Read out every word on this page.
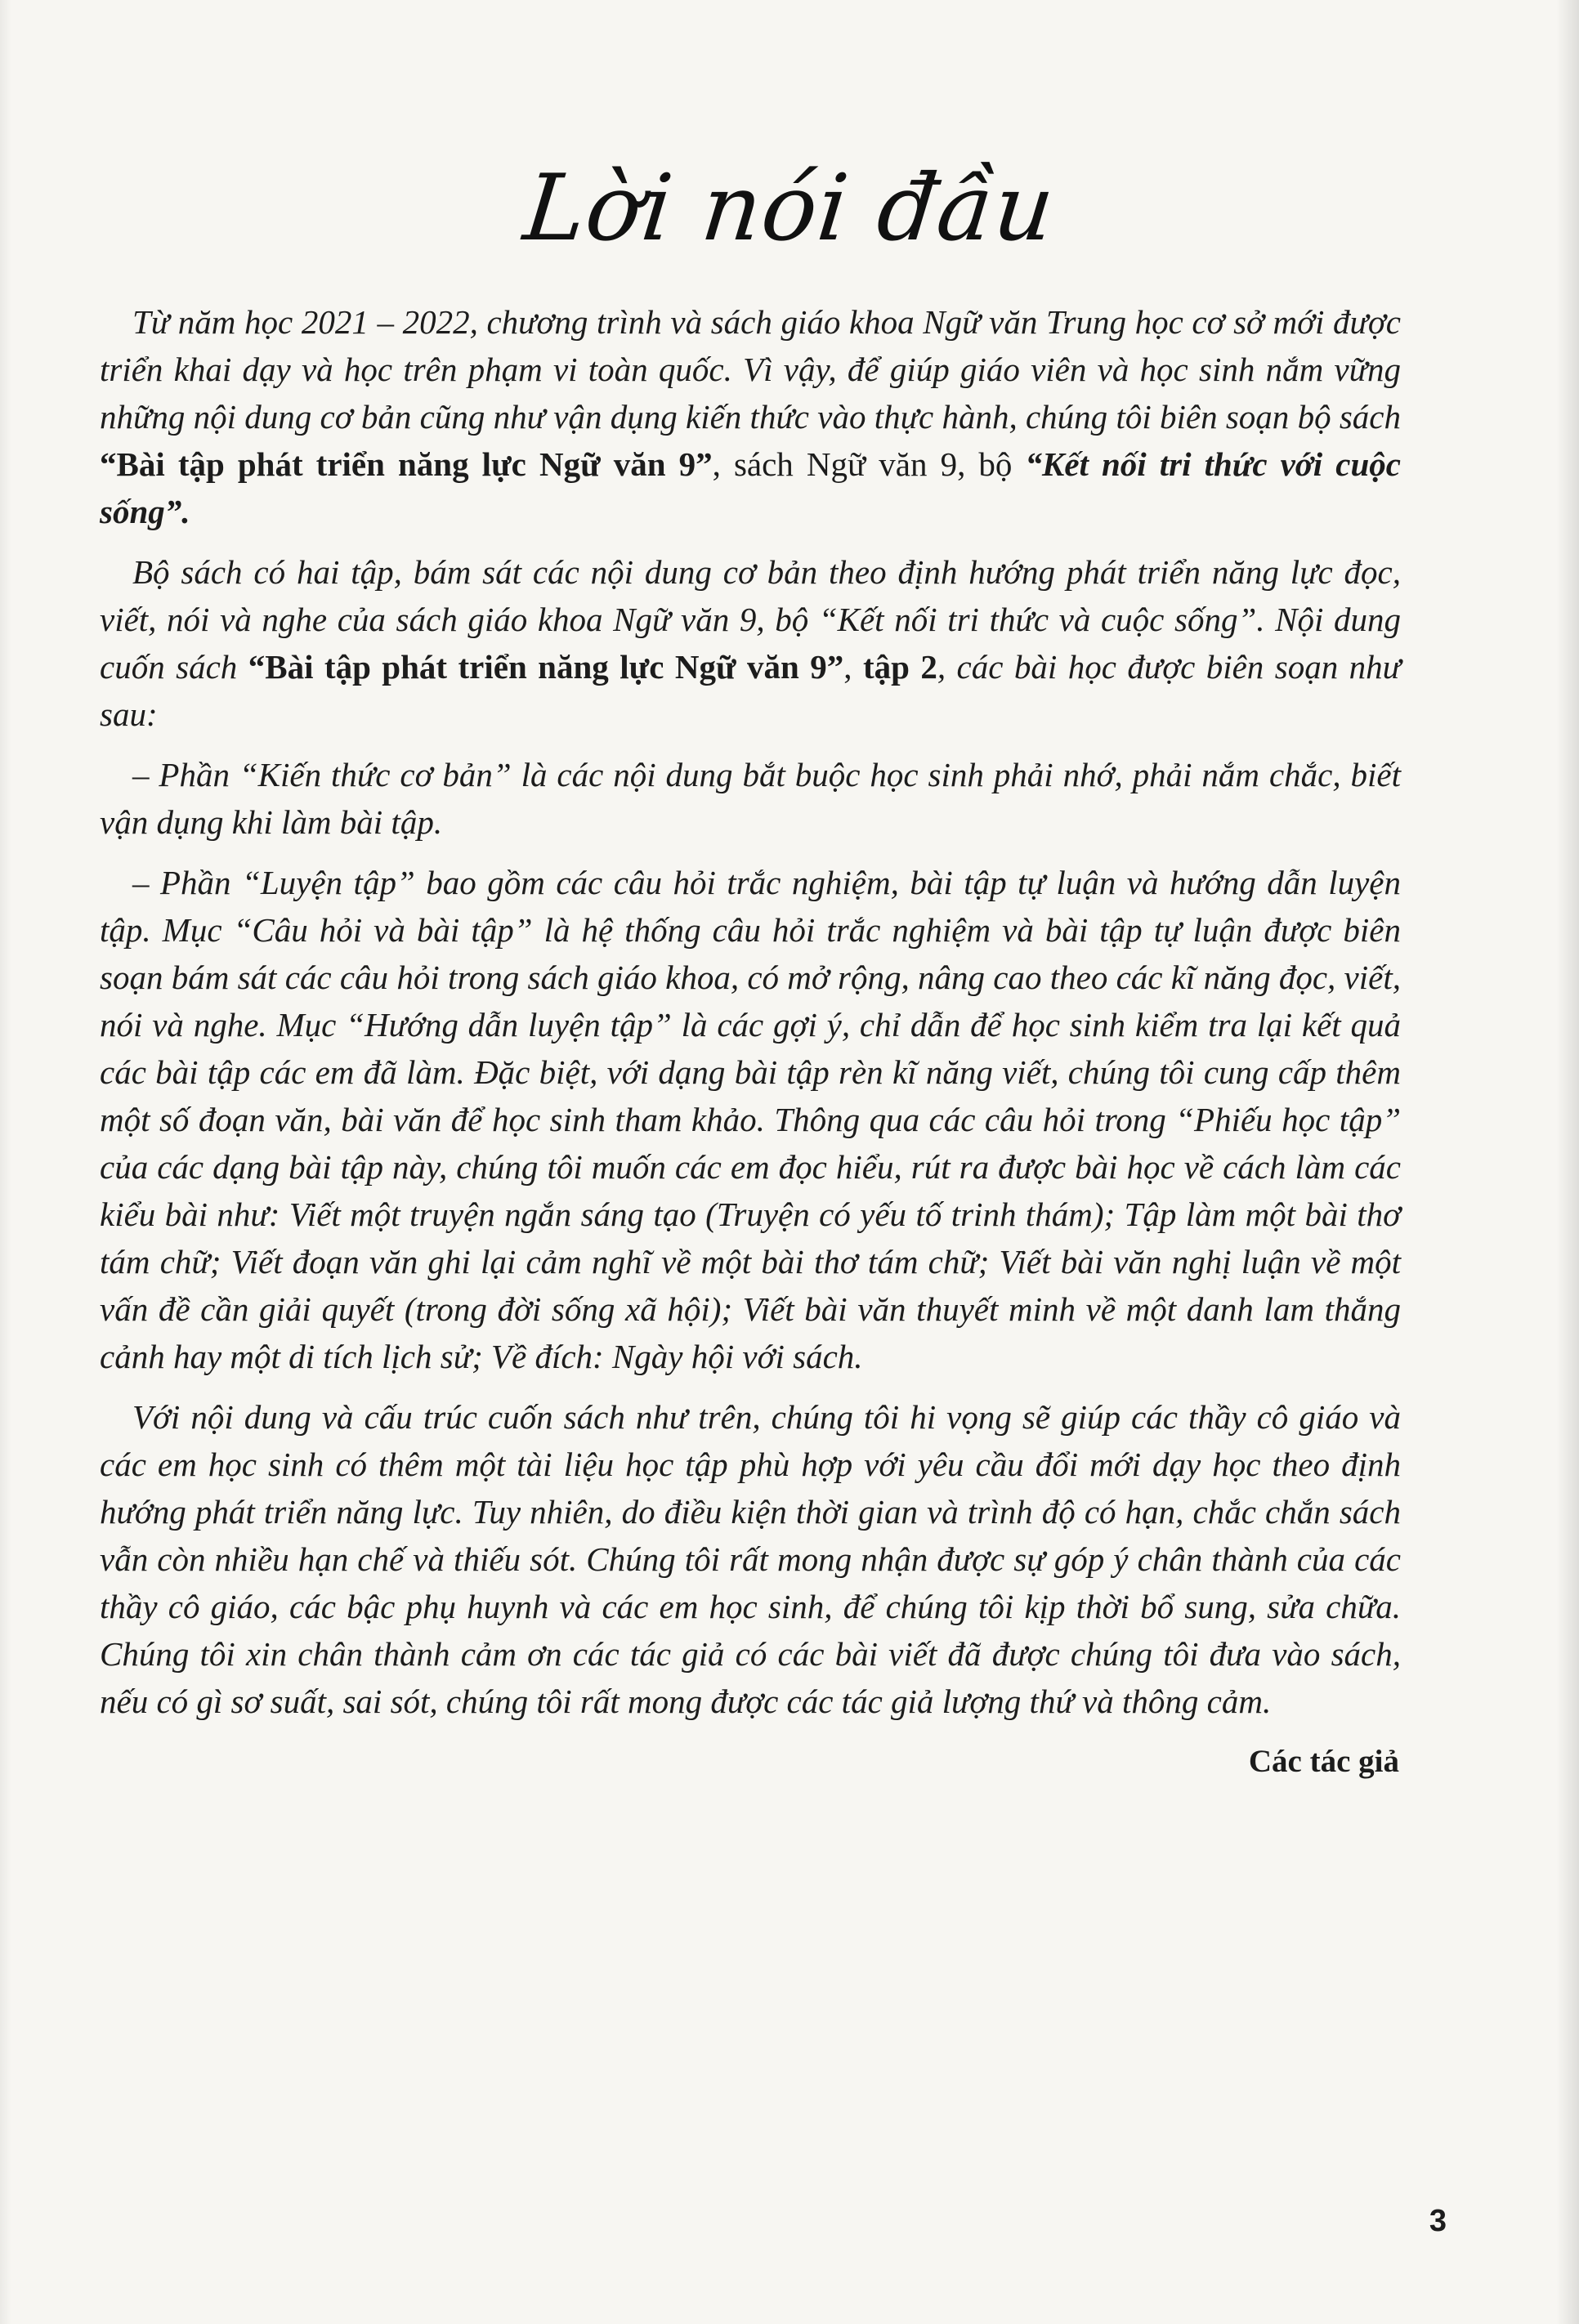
Lời nói đầu

Từ năm học 2021 – 2022, chương trình và sách giáo khoa Ngữ văn Trung học cơ sở mới được triển khai dạy và học trên phạm vi toàn quốc. Vì vậy, để giúp giáo viên và học sinh nắm vững những nội dung cơ bản cũng như vận dụng kiến thức vào thực hành, chúng tôi biên soạn bộ sách “Bài tập phát triển năng lực Ngữ văn 9”, sách Ngữ văn 9, bộ “Kết nối tri thức với cuộc sống”.

Bộ sách có hai tập, bám sát các nội dung cơ bản theo định hướng phát triển năng lực đọc, viết, nói và nghe của sách giáo khoa Ngữ văn 9, bộ “Kết nối tri thức và cuộc sống”. Nội dung cuốn sách “Bài tập phát triển năng lực Ngữ văn 9”, tập 2, các bài học được biên soạn như sau:

– Phần “Kiến thức cơ bản” là các nội dung bắt buộc học sinh phải nhớ, phải nắm chắc, biết vận dụng khi làm bài tập.

– Phần “Luyện tập” bao gồm các câu hỏi trắc nghiệm, bài tập tự luận và hướng dẫn luyện tập. Mục “Câu hỏi và bài tập” là hệ thống câu hỏi trắc nghiệm và bài tập tự luận được biên soạn bám sát các câu hỏi trong sách giáo khoa, có mở rộng, nâng cao theo các kĩ năng đọc, viết, nói và nghe. Mục “Hướng dẫn luyện tập” là các gợi ý, chỉ dẫn để học sinh kiểm tra lại kết quả các bài tập các em đã làm. Đặc biệt, với dạng bài tập rèn kĩ năng viết, chúng tôi cung cấp thêm một số đoạn văn, bài văn để học sinh tham khảo. Thông qua các câu hỏi trong “Phiếu học tập” của các dạng bài tập này, chúng tôi muốn các em đọc hiểu, rút ra được bài học về cách làm các kiểu bài như: Viết một truyện ngắn sáng tạo (Truyện có yếu tố trinh thám); Tập làm một bài thơ tám chữ; Viết đoạn văn ghi lại cảm nghĩ về một bài thơ tám chữ; Viết bài văn nghị luận về một vấn đề cần giải quyết (trong đời sống xã hội); Viết bài văn thuyết minh về một danh lam thắng cảnh hay một di tích lịch sử; Về đích: Ngày hội với sách.

Với nội dung và cấu trúc cuốn sách như trên, chúng tôi hi vọng sẽ giúp các thầy cô giáo và các em học sinh có thêm một tài liệu học tập phù hợp với yêu cầu đổi mới dạy học theo định hướng phát triển năng lực. Tuy nhiên, do điều kiện thời gian và trình độ có hạn, chắc chắn sách vẫn còn nhiều hạn chế và thiếu sót. Chúng tôi rất mong nhận được sự góp ý chân thành của các thầy cô giáo, các bậc phụ huynh và các em học sinh, để chúng tôi kịp thời bổ sung, sửa chữa. Chúng tôi xin chân thành cảm ơn các tác giả có các bài viết đã được chúng tôi đưa vào sách, nếu có gì sơ suất, sai sót, chúng tôi rất mong được các tác giả lượng thứ và thông cảm.

Các tác giả
3
